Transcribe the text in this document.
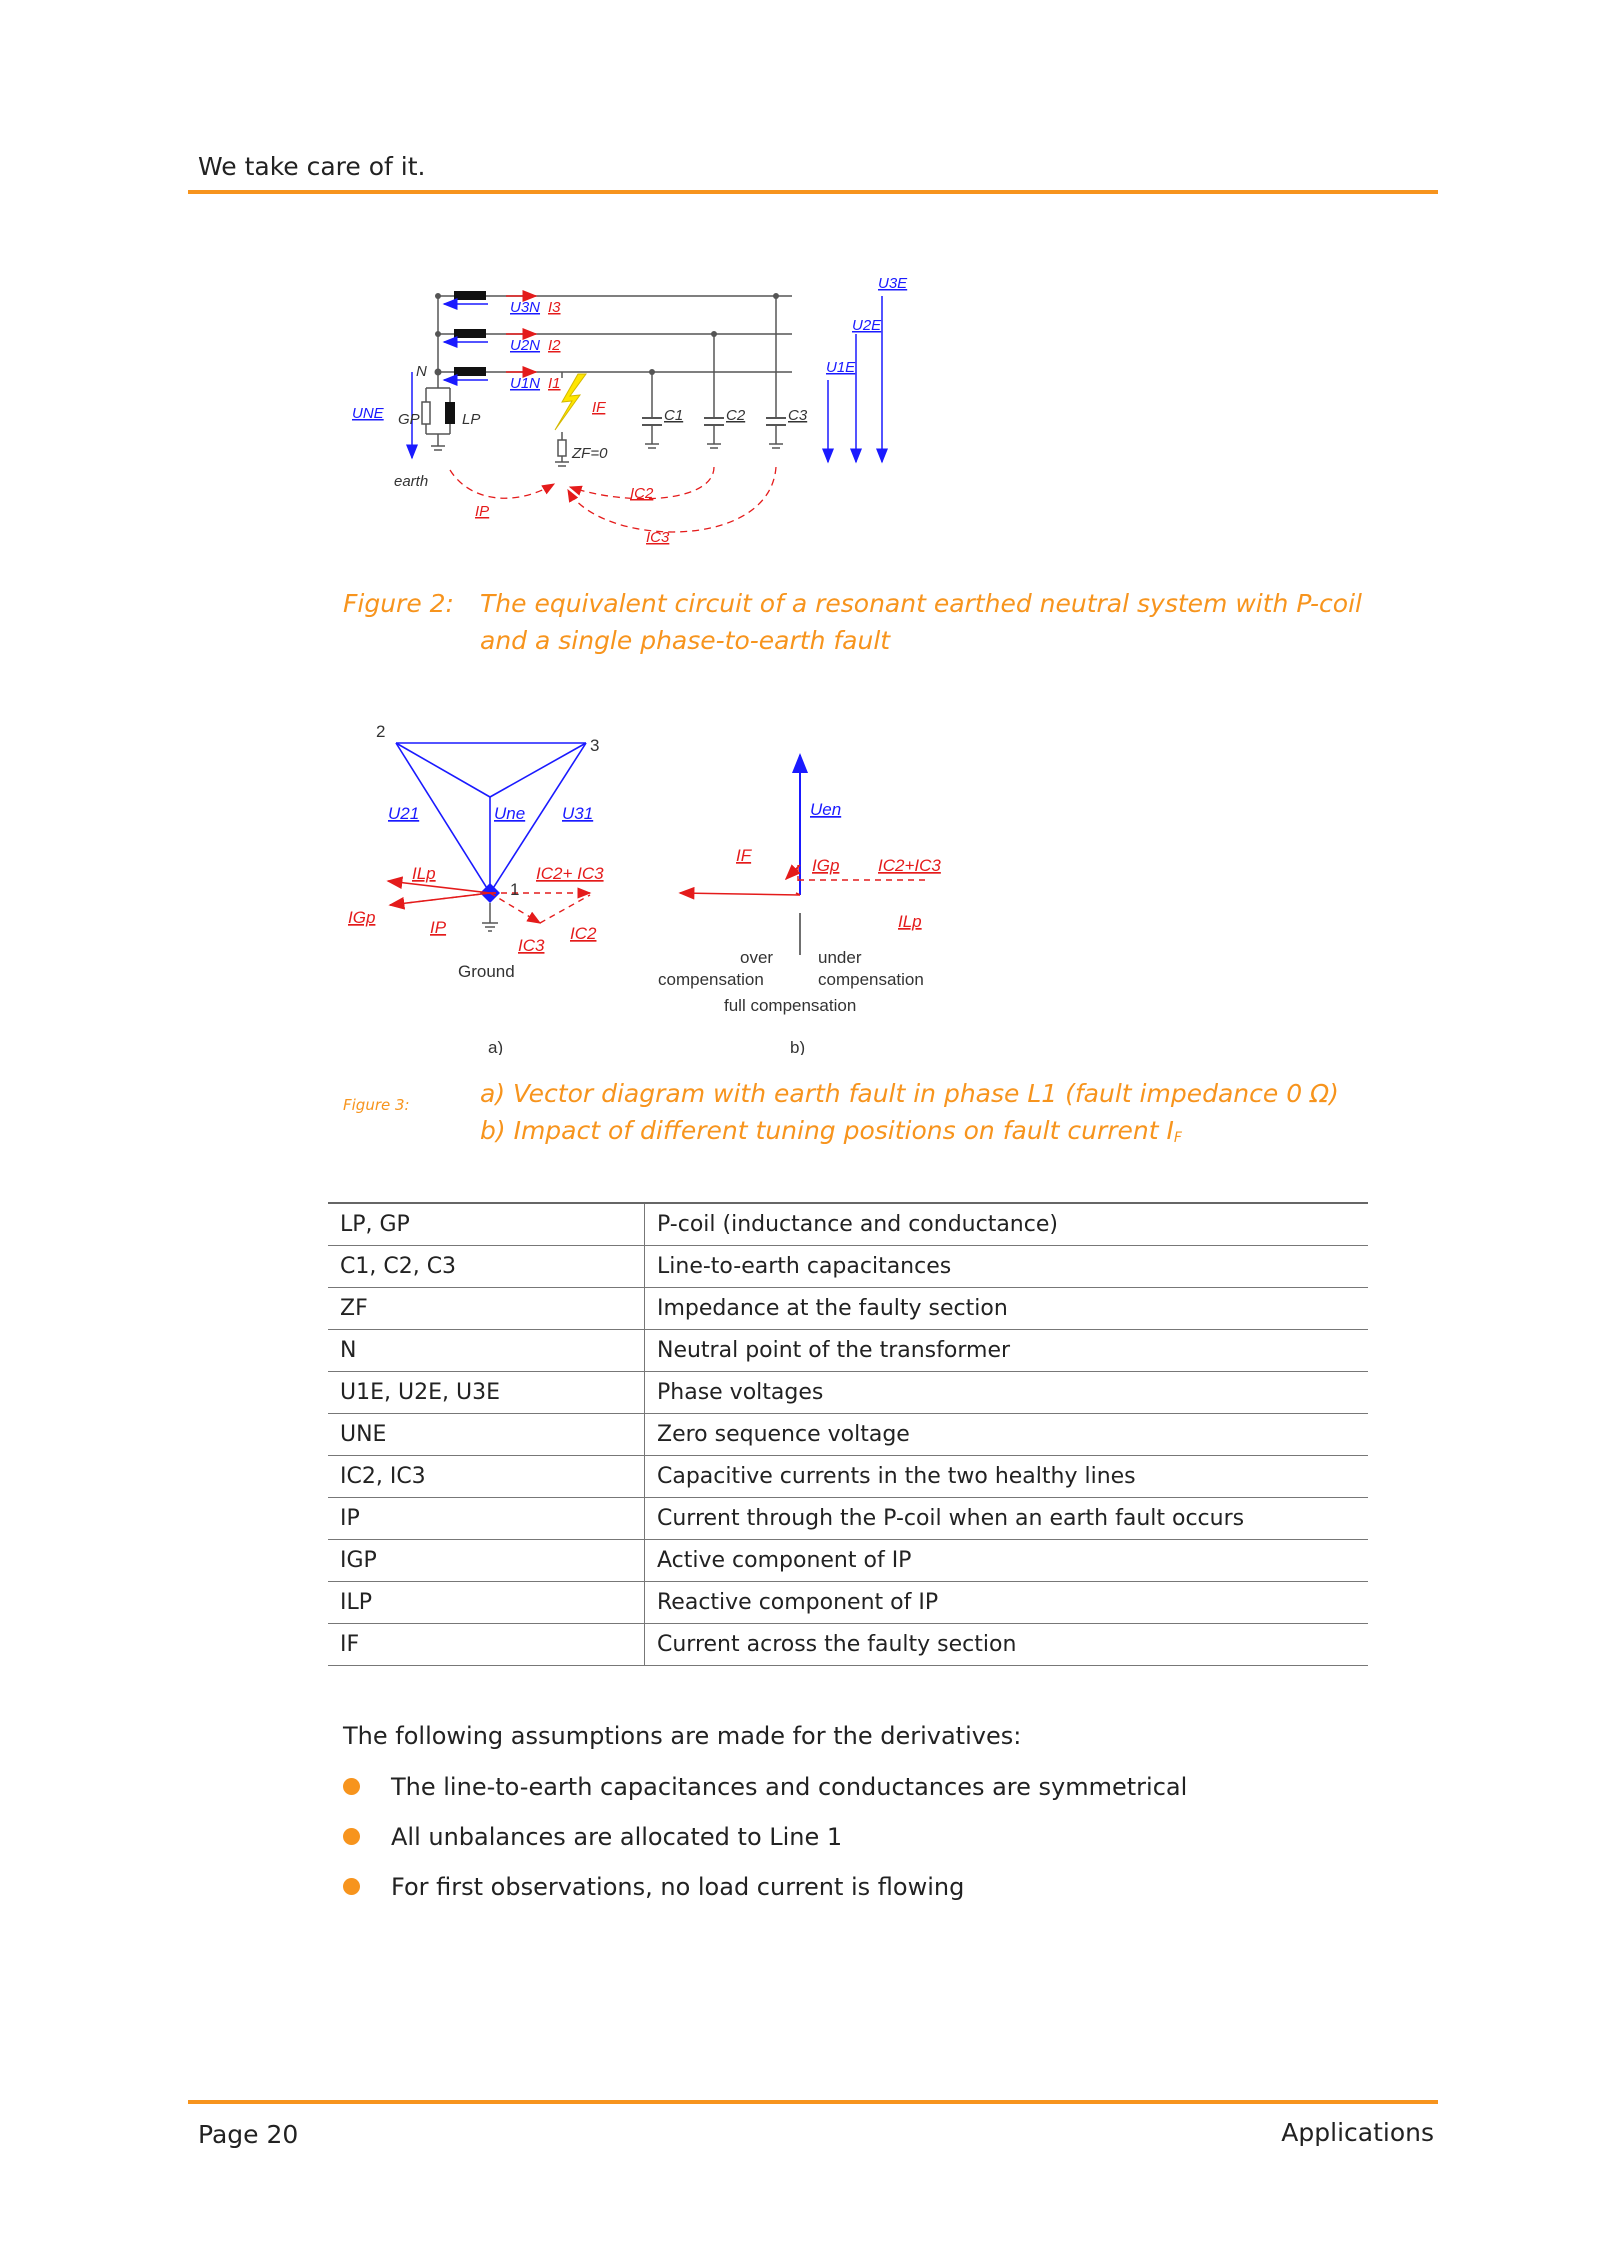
We take care of it.
U3N
U2N
U1N
I3
I2
I1
N
UNE GP	LP
earth
IP
IF
ZF=0
C1	C2	C3
IC2
IC3
U1E
U2E
U3E
Figure 2: The equivalent circuit of a resonant earthed neutral system with P-coil and a single phase-to-earth fault
2
3
1
Ground
a)
over
compensation
under
compensation
full compensation
b)
U21	Une U31
ILp	IC2+ IC3
IGp
IP
IC3
IC2
Uen
IF
IGp IC2+IC3
ILp
Figure 3:	a) Vector diagram with earth fault in phase L1 (fault impedance 0 Ω)
b) Impact of different tuning positions on fault current $I_F$
LP, GP	P-coil (inductance and conductance)
C1, C2, C3	Line-to-earth capacitances
ZF	Impedance at the faulty section
N	Neutral point of the transformer
U1E, U2E, U3E	Phase voltages
UNE	Zero sequence voltage
IC2, IC3	Capacitive currents in the two healthy lines
IP	Current through the P-coil when an earth fault occurs
IGP	Active component of IP
ILP	Reactive component of IP
IF	Current across the faulty section
The following assumptions are made for the derivatives:
The line-to-earth capacitances and conductances are symmetrical
All unbalances are allocated to Line 1
For first observations, no load current is flowing
Page 20	Applications
